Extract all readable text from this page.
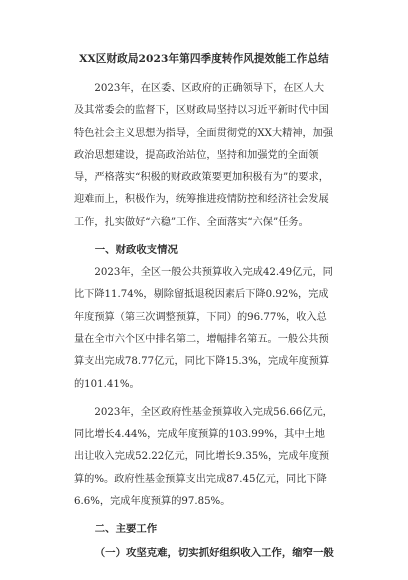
XX区财政局2023年第四季度转作风提效能工作总结

2023年，在区委、区政府的正确领导下，在区人大及其常委会的监督下，区财政局坚持以习近平新时代中国特色社会主义思想为指导，全面贯彻党的XX大精神，加强政治思想建设，提高政治站位，坚持和加强党的全面领导，严格落实“积极的财政政策要更加积极有为”的要求，迎难而上，积极作为，统筹推进疫情防控和经济社会发展工作，扎实做好“六稳”工作、全面落实“六保”任务。

一、财政收支情况

2023年，全区一般公共预算收入完成42.49亿元，同比下降11.74%，剔除留抵退税因素后下降0.92%，完成年度预算（第三次调整预算，下同）的96.77%，收入总量在全市六个区中排名第二，增幅排名第五。一般公共预算支出完成78.77亿元，同比下降15.3%，完成年度预算的101.41%。

2023年，全区政府性基金预算收入完成56.66亿元，同比增长4.44%，完成年度预算的103.99%，其中土地出让收入完成52.22亿元，同比增长9.35%，完成年度预算的%。政府性基金预算支出完成87.45亿元，同比下降6.6%，完成年度预算的97.85%。

二、主要工作
（一）攻坚克难，切实抓好组织收入工作，缩窄一般
